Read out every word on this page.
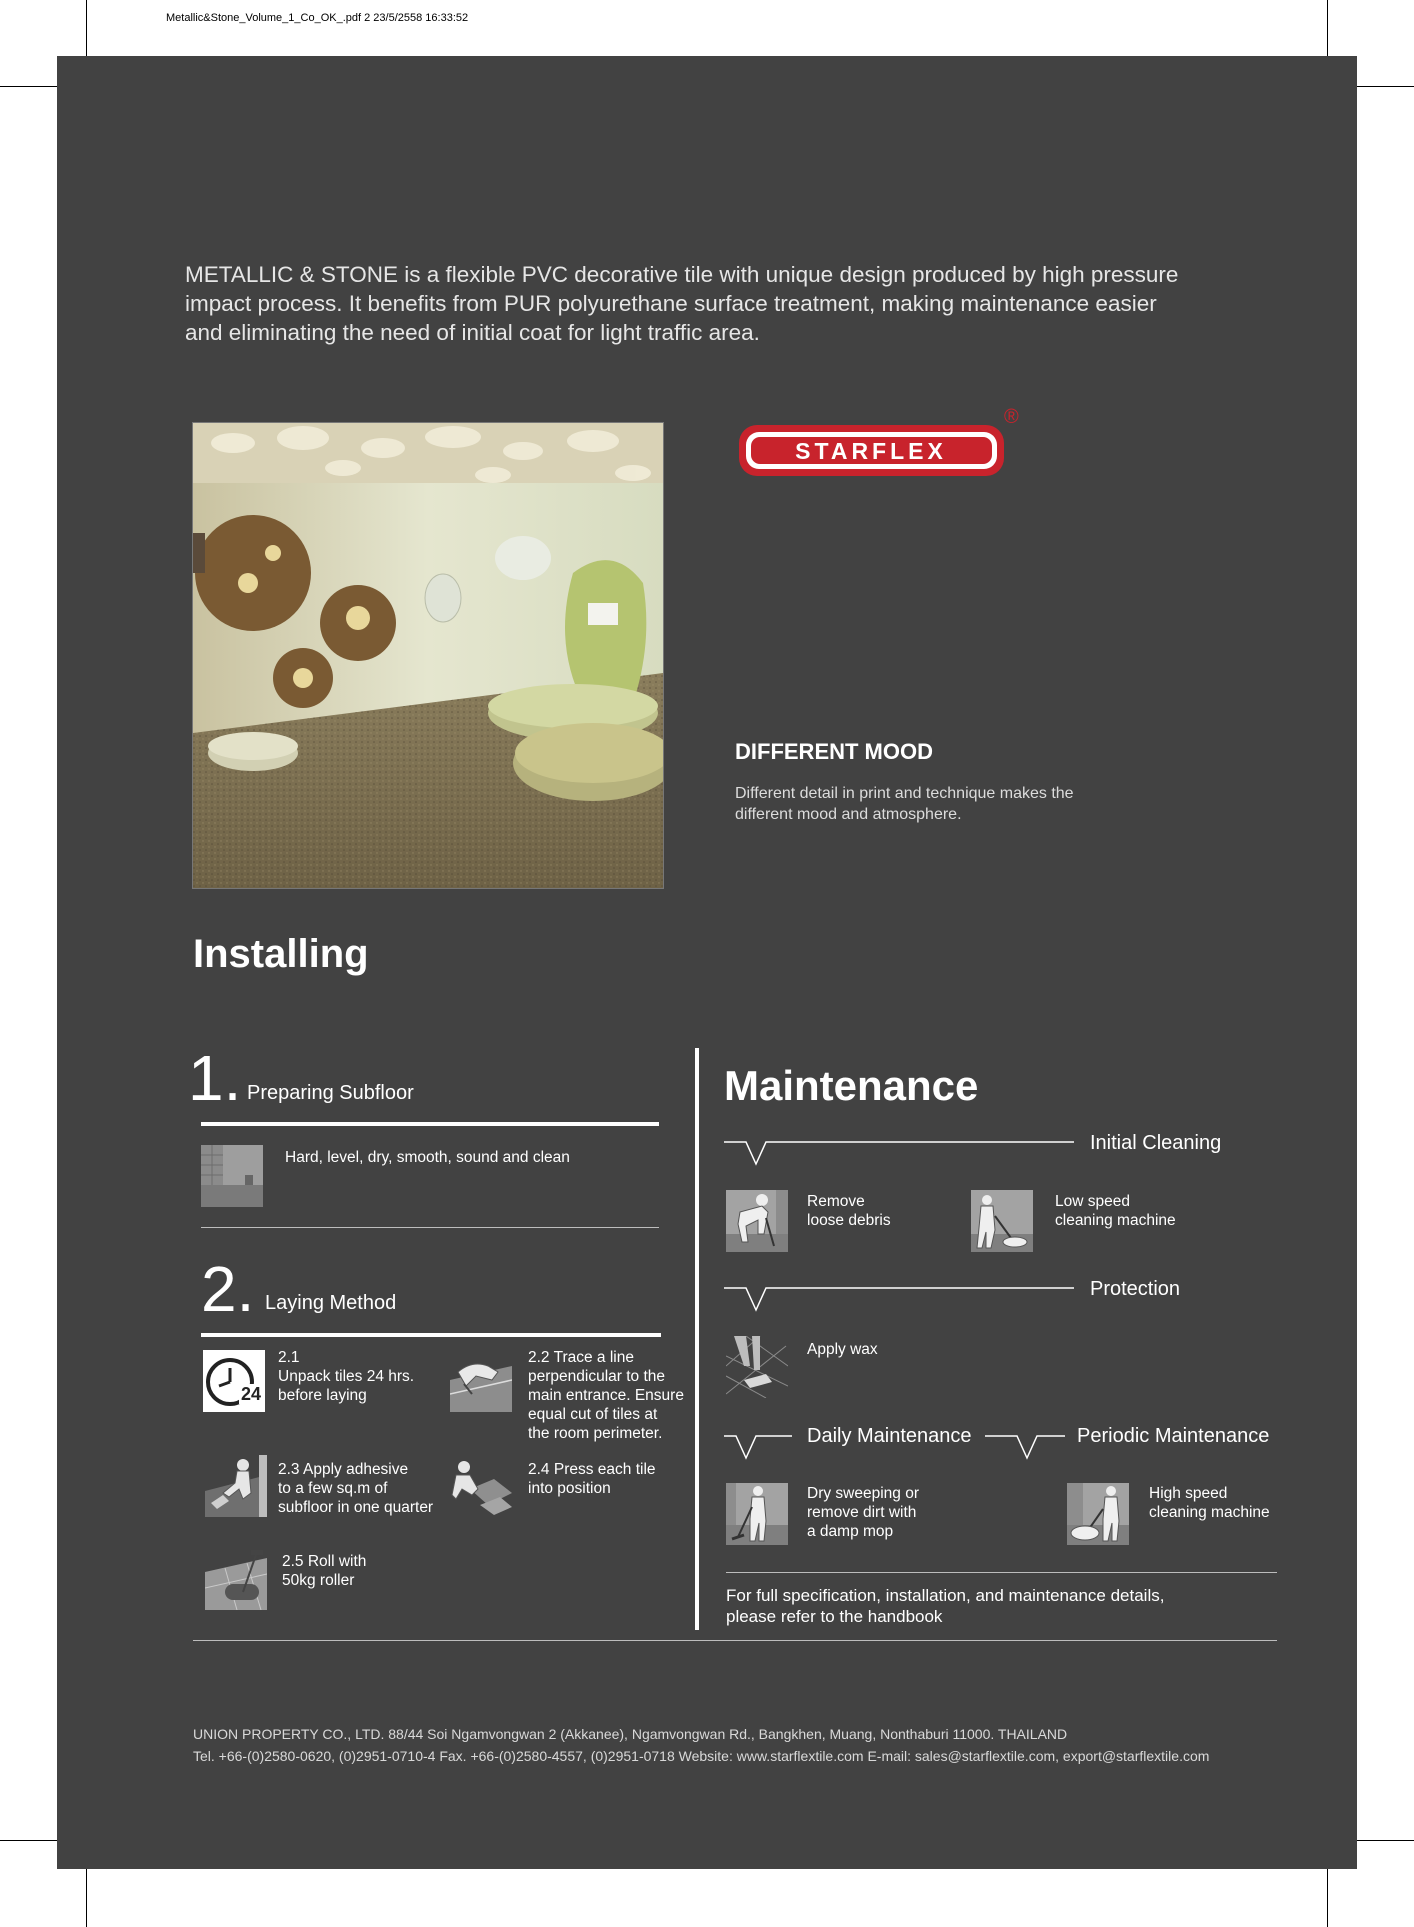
Metallic&Stone_Volume_1_Co_OK_.pdf 2 23/5/2558 16:33:52
METALLIC & STONE is a flexible PVC decorative tile with unique design produced by high pressure impact process. It benefits from PUR polyurethane surface treatment, making maintenance easier and eliminating the need of initial coat for light traffic area.
STARFLEX
®
DIFFERENT MOOD
Different detail in print and technique makes the different mood and atmosphere.
Installing
1. Preparing Subfloor
Hard, level, dry, smooth, sound and clean
2. Laying Method
24
2.1
Unpack tiles 24 hrs.
before laying
2.2 Trace a line
perpendicular to the
main entrance. Ensure
equal cut of tiles at
the room perimeter.
2.3 Apply adhesive
to a few sq.m of
subfloor in one quarter
2.4 Press each tile
into position
2.5 Roll with
50kg roller
Maintenance
Initial Cleaning
Remove
loose debris
Low speed
cleaning machine
Protection
Apply wax
Daily Maintenance	Periodic Maintenance
Dry sweeping or
remove dirt with
a damp mop
High speed
cleaning machine
For full specification, installation, and maintenance details,
please refer to the handbook
UNION PROPERTY CO., LTD. 88/44 Soi Ngamvongwan 2 (Akkanee), Ngamvongwan Rd., Bangkhen, Muang, Nonthaburi 11000. THAILAND
Tel. +66-(0)2580-0620, (0)2951-0710-4 Fax. +66-(0)2580-4557, (0)2951-0718 Website: www.starflextile.com E-mail: sales@starflextile.com, export@starflextile.com
